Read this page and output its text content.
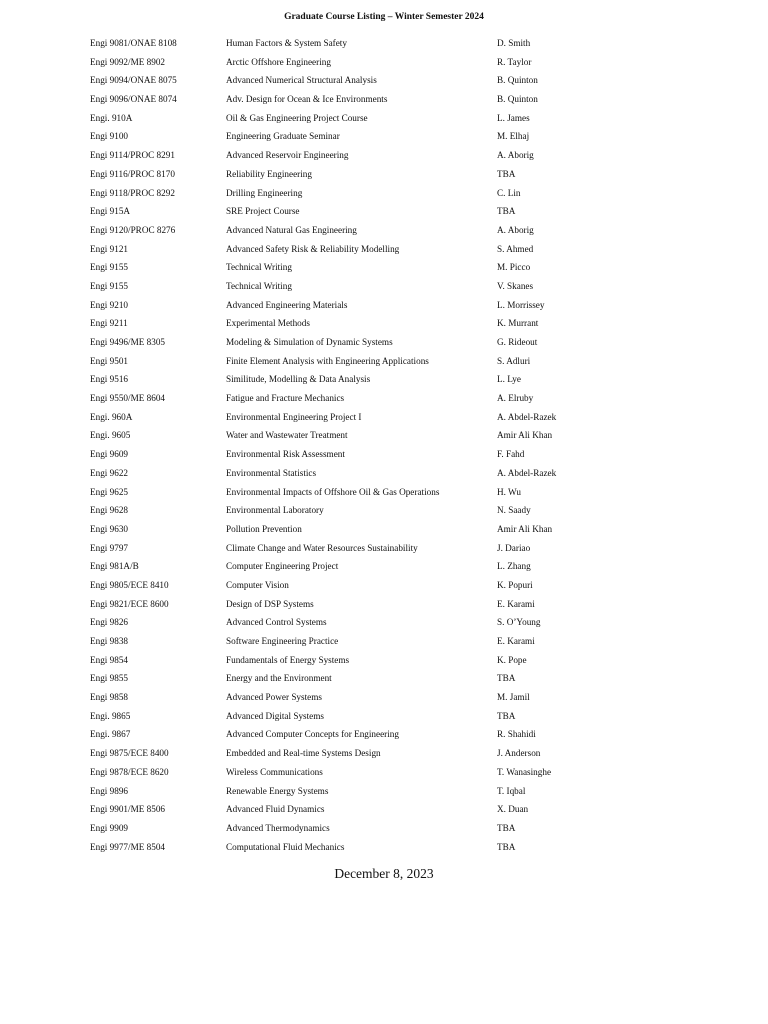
Graduate Course Listing – Winter Semester 2024
Engi 9081/ONAE 8108	Human Factors & System Safety	D. Smith
Engi 9092/ME 8902	Arctic Offshore Engineering	R. Taylor
Engi 9094/ONAE 8075	Advanced Numerical Structural Analysis	B. Quinton
Engi 9096/ONAE 8074	Adv. Design for Ocean & Ice Environments	B. Quinton
Engi. 910A	Oil & Gas Engineering Project Course	L. James
Engi 9100	Engineering Graduate Seminar	M. Elhaj
Engi 9114/PROC 8291	Advanced Reservoir Engineering	A. Aborig
Engi 9116/PROC 8170	Reliability Engineering	TBA
Engi 9118/PROC 8292	Drilling Engineering	C. Lin
Engi 915A	SRE Project Course	TBA
Engi 9120/PROC 8276	Advanced Natural Gas Engineering	A. Aborig
Engi 9121	Advanced Safety Risk & Reliability Modelling	S. Ahmed
Engi 9155	Technical Writing	M. Picco
Engi 9155	Technical Writing	V. Skanes
Engi 9210	Advanced Engineering Materials	L. Morrissey
Engi 9211	Experimental Methods	K. Murrant
Engi 9496/ME 8305	Modeling & Simulation of Dynamic Systems	G. Rideout
Engi 9501	Finite Element Analysis with Engineering Applications	S. Adluri
Engi 9516	Similitude, Modelling & Data Analysis	L. Lye
Engi 9550/ME 8604	Fatigue and Fracture Mechanics	A. Elruby
Engi. 960A	Environmental Engineering Project I	A. Abdel-Razek
Engi. 9605	Water and Wastewater Treatment	Amir Ali Khan
Engi 9609	Environmental Risk Assessment	F. Fahd
Engi 9622	Environmental Statistics	A. Abdel-Razek
Engi 9625	Environmental Impacts of Offshore Oil & Gas Operations	H. Wu
Engi 9628	Environmental Laboratory	N. Saady
Engi 9630	Pollution Prevention	Amir Ali Khan
Engi 9797	Climate Change and Water Resources Sustainability	J. Dariao
Engi 981A/B	Computer Engineering Project	L. Zhang
Engi 9805/ECE 8410	Computer Vision	K. Popuri
Engi 9821/ECE 8600	Design of DSP Systems	E. Karami
Engi 9826	Advanced Control Systems	S. O’Young
Engi 9838	Software Engineering Practice	E. Karami
Engi 9854	Fundamentals of Energy Systems	K. Pope
Engi 9855	Energy and the Environment	TBA
Engi 9858	Advanced Power Systems	M. Jamil
Engi. 9865	Advanced Digital Systems	TBA
Engi. 9867	Advanced Computer Concepts for Engineering	R. Shahidi
Engi 9875/ECE 8400	Embedded and Real-time Systems Design	J. Anderson
Engi 9878/ECE 8620	Wireless Communications	T. Wanasinghe
Engi 9896	Renewable Energy Systems	T. Iqbal
Engi 9901/ME 8506	Advanced Fluid Dynamics	X. Duan
Engi 9909	Advanced Thermodynamics	TBA
Engi 9977/ME 8504	Computational Fluid Mechanics	TBA
December 8, 2023
